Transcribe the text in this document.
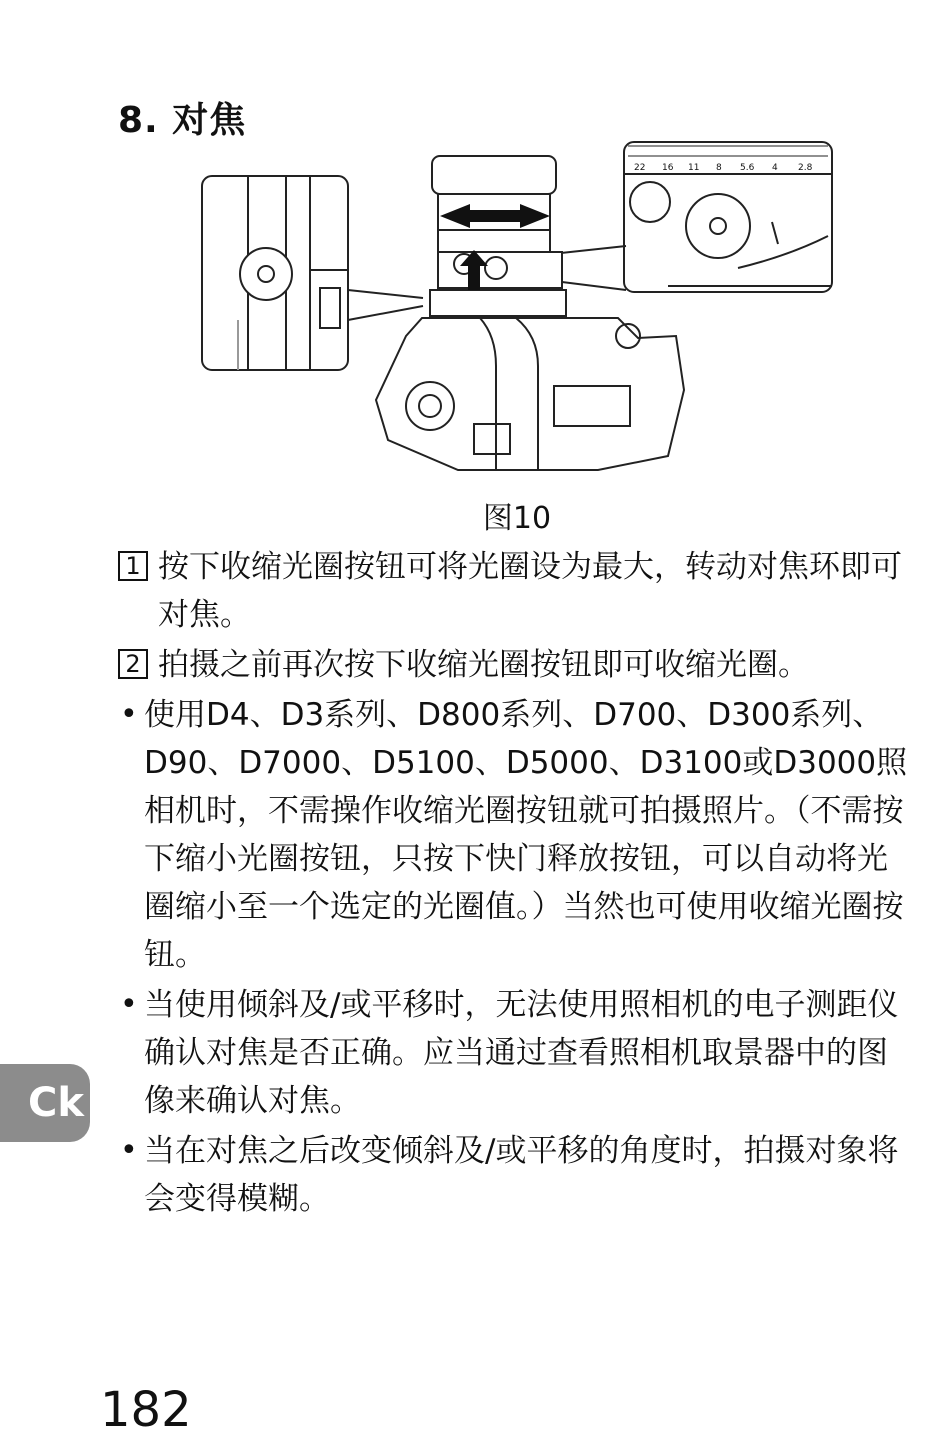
8. 对焦
22 16 11 8 5.6 4 2.8
图10
1 按下收缩光圈按钮可将光圈设为最大，转动对焦环即可对焦。
2 拍摄之前再次按下收缩光圈按钮即可收缩光圈。
• 使用D4、D3系列、D800系列、D700、D300系列、D90、D7000、D5100、D5000、D3100或D3000照相机时，不需操作收缩光圈按钮就可拍摄照片。（不需按下缩小光圈按钮，只按下快门释放按钮，可以自动将光圈缩小至一个选定的光圈值。）当然也可使用收缩光圈按钮。
• 当使用倾斜及/或平移时，无法使用照相机的电子测距仪确认对焦是否正确。应当通过查看照相机取景器中的图像来确认对焦。
• 当在对焦之后改变倾斜及/或平移的角度时，拍摄对象将会变得模糊。
Ck
182
